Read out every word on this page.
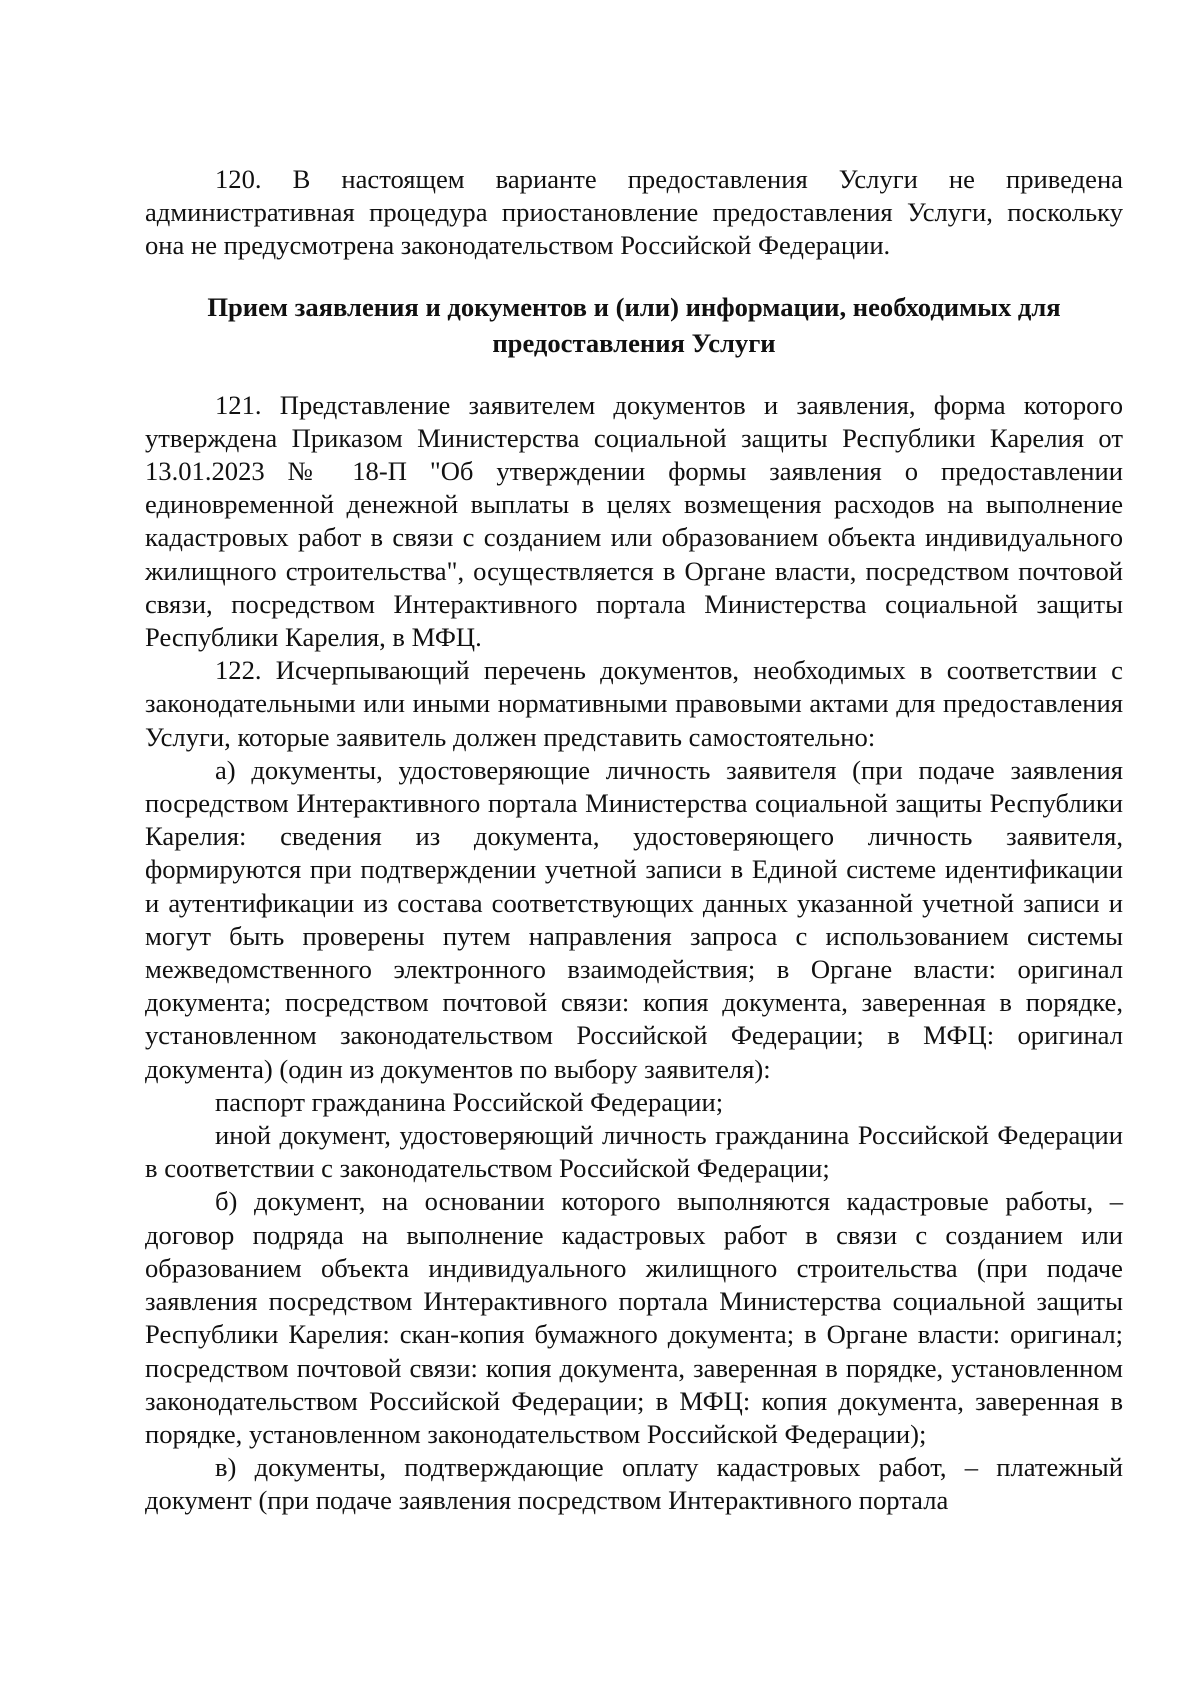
120. В настоящем варианте предоставления Услуги не приведена административная процедура приостановление предоставления Услуги, поскольку она не предусмотрена законодательством Российской Федерации.

Прием заявления и документов и (или) информации, необходимых для
предоставления Услуги

121. Представление заявителем документов и заявления, форма которого утверждена Приказом Министерства социальной защиты Республики Карелия от 13.01.2023 № 18-П "Об утверждении формы заявления о предоставлении единовременной денежной выплаты в целях возмещения расходов на выполнение кадастровых работ в связи с созданием или образованием объекта индивидуального жилищного строительства", осуществляется в Органе власти, посредством почтовой связи, посредством Интерактивного портала Министерства социальной защиты Республики Карелия, в МФЦ.

122. Исчерпывающий перечень документов, необходимых в соответствии с законодательными или иными нормативными правовыми актами для предоставления Услуги, которые заявитель должен представить самостоятельно:

а) документы, удостоверяющие личность заявителя (при подаче заявления посредством Интерактивного портала Министерства социальной защиты Республики Карелия: сведения из документа, удостоверяющего личность заявителя, формируются при подтверждении учетной записи в Единой системе идентификации и аутентификации из состава соответствующих данных указанной учетной записи и могут быть проверены путем направления запроса с использованием системы межведомственного электронного взаимодействия; в Органе власти: оригинал документа; посредством почтовой связи: копия документа, заверенная в порядке, установленном законодательством Российской Федерации; в МФЦ: оригинал документа) (один из документов по выбору заявителя):

паспорт гражданина Российской Федерации;

иной документ, удостоверяющий личность гражданина Российской Федерации в соответствии с законодательством Российской Федерации;

б) документ, на основании которого выполняются кадастровые работы, – договор подряда на выполнение кадастровых работ в связи с созданием или образованием объекта индивидуального жилищного строительства (при подаче заявления посредством Интерактивного портала Министерства социальной защиты Республики Карелия: скан-копия бумажного документа; в Органе власти: оригинал; посредством почтовой связи: копия документа, заверенная в порядке, установленном законодательством Российской Федерации; в МФЦ: копия документа, заверенная в порядке, установленном законодательством Российской Федерации);

в) документы, подтверждающие оплату кадастровых работ, – платежный документ (при подаче заявления посредством Интерактивного портала
